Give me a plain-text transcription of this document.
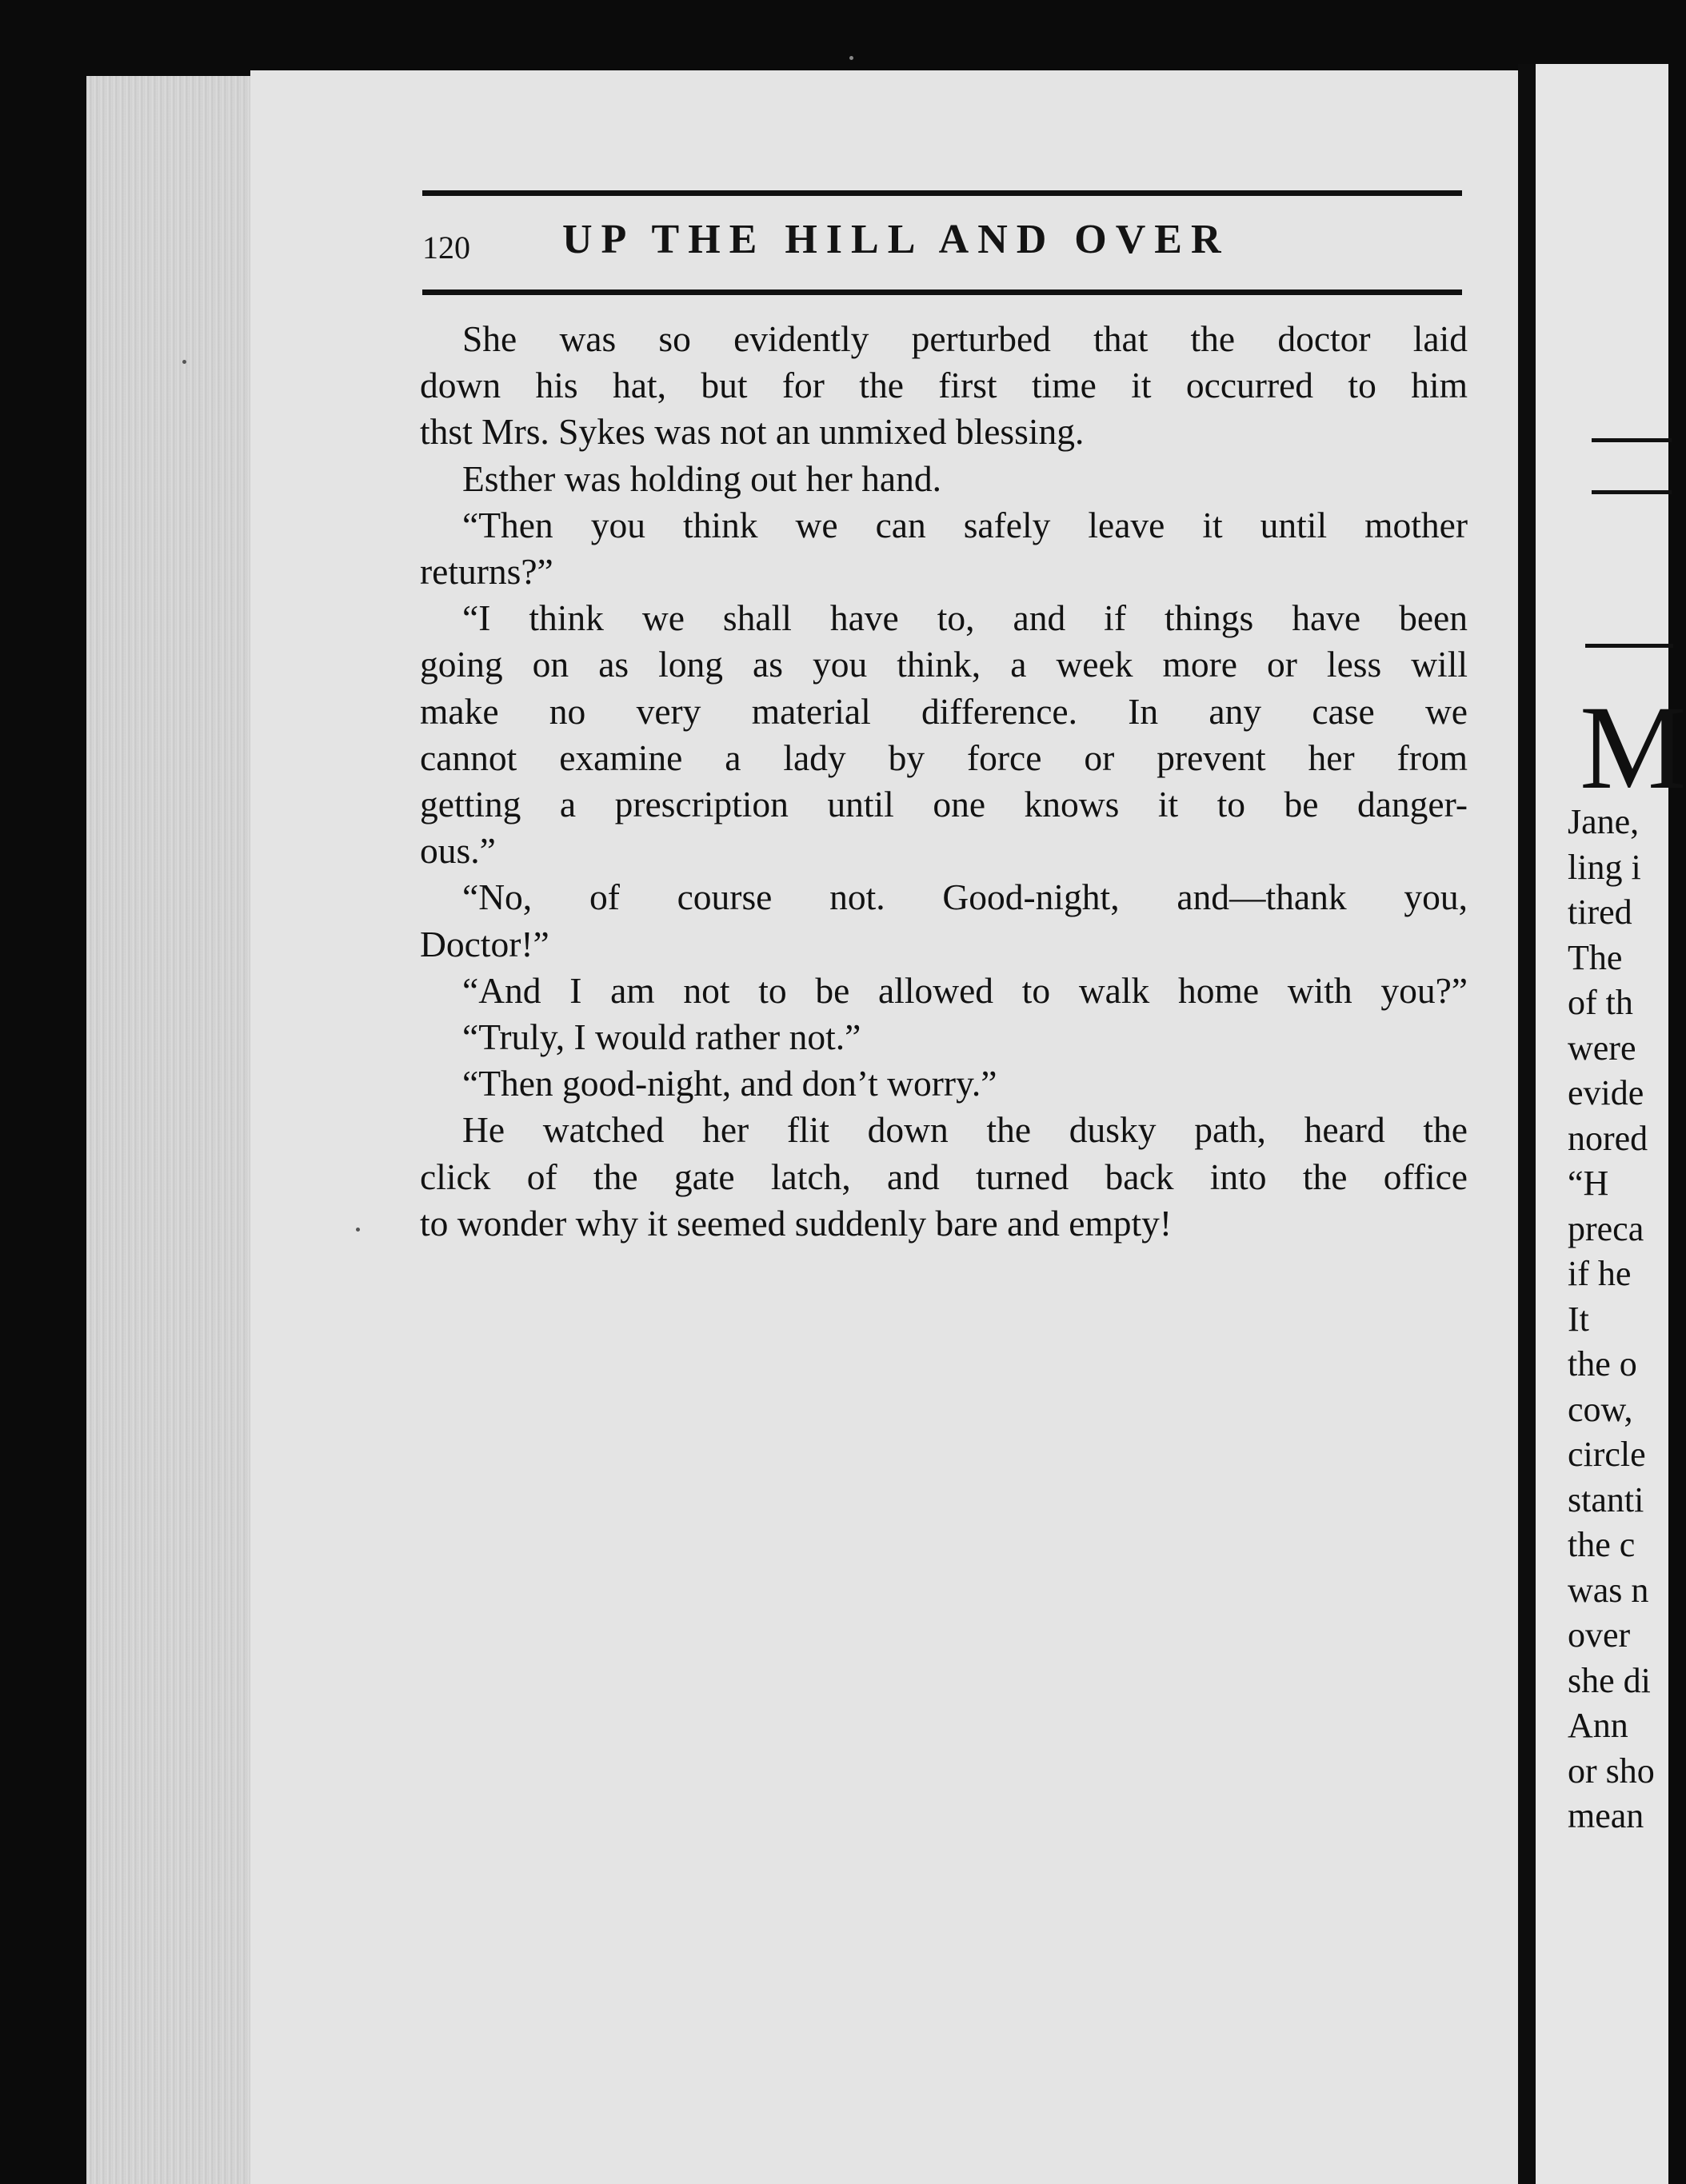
120 UP THE HILL AND OVER
She was so evidently perturbed that the doctor laid
down his hat, but for the first time it occurred to him
thst Mrs. Sykes was not an unmixed blessing.
Esther was holding out her hand.
“Then you think we can safely leave it until mother
returns?”
“I think we shall have to, and if things have been
going on as long as you think, a week more or less will
make no very material difference. In any case we
cannot examine a lady by force or prevent her from
getting a prescription until one knows it to be danger-
ous.”
“No, of course not. Good-night, and—thank you,
Doctor!”
“And I am not to be allowed to walk home with you?”
“Truly, I would rather not.”
“Then good-night, and don’t worry.”
He watched her flit down the dusky path, heard the
click of the gate latch, and turned back into the office
to wonder why it seemed suddenly bare and empty!
M
Jane,
ling i
tired
The
of th
were
evide
nored
“H
preca
if he
It
the o
cow,
circle
stanti
the c
was n
over
she di
Ann
or sho
mean
